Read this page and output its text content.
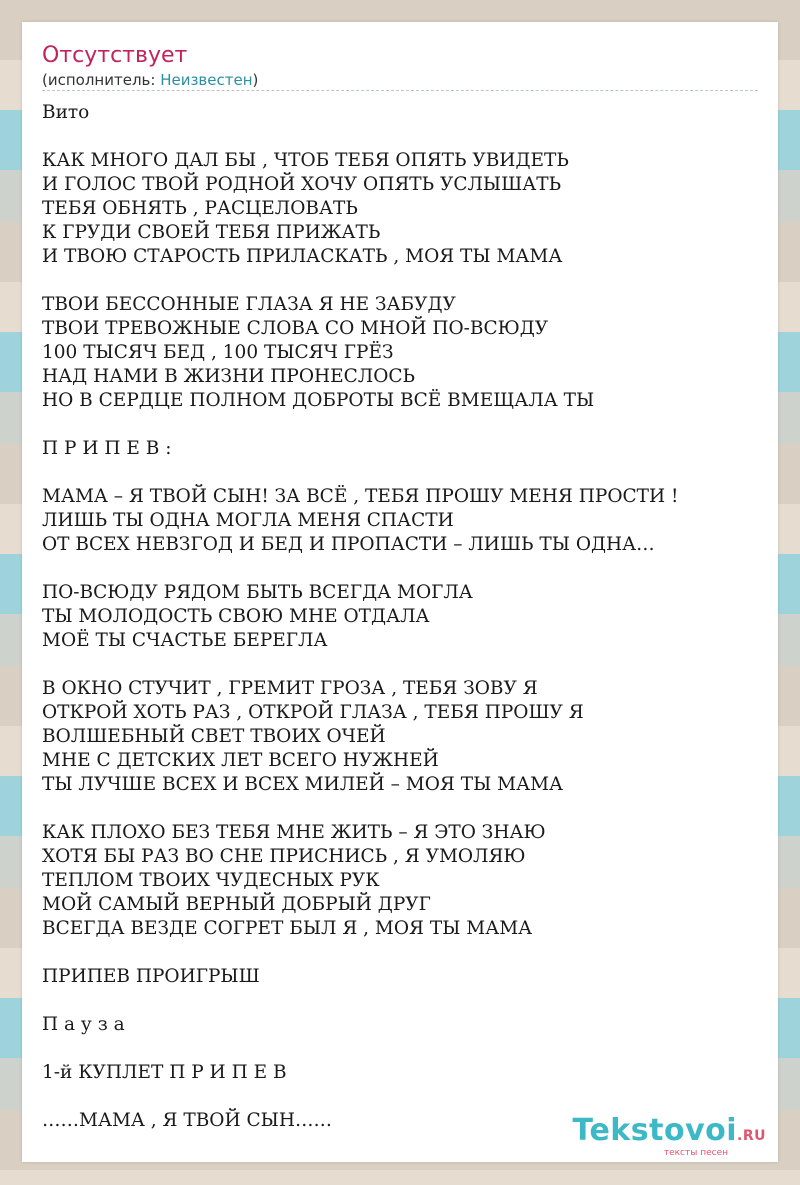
Отсутствует
(исполнитель: Неизвестен)
Вито
КАК МНОГО ДАЛ БЫ , ЧТОБ ТЕБЯ ОПЯТЬ УВИДЕТЬ
И ГОЛОС ТВОЙ РОДНОЙ ХОЧУ ОПЯТЬ УСЛЫШАТЬ
ТЕБЯ ОБНЯТЬ , РАСЦЕЛОВАТЬ
К ГРУДИ СВОЕЙ ТЕБЯ ПРИЖАТЬ
И ТВОЮ СТАРОСТЬ ПРИЛАСКАТЬ , МОЯ ТЫ МАМА
ТВОИ БЕССОННЫЕ ГЛАЗА Я НЕ ЗАБУДУ
ТВОИ ТРЕВОЖНЫЕ СЛОВА СО МНОЙ ПО-ВСЮДУ
100 ТЫСЯЧ БЕД , 100 ТЫСЯЧ ГРЁЗ
НАД НАМИ В ЖИЗНИ ПРОНЕСЛОСЬ
НО В СЕРДЦЕ ПОЛНОМ ДОБРОТЫ ВСЁ ВМЕЩАЛА ТЫ
П Р И П Е В :
МАМА – Я ТВОЙ СЫН! ЗА ВСЁ , ТЕБЯ ПРОШУ МЕНЯ ПРОСТИ !
ЛИШЬ ТЫ ОДНА МОГЛА МЕНЯ СПАСТИ
ОТ ВСЕХ НЕВЗГОД И БЕД И ПРОПАСТИ – ЛИШЬ ТЫ ОДНА…
ПО-ВСЮДУ РЯДОМ БЫТЬ ВСЕГДА МОГЛА
ТЫ МОЛОДОСТЬ СВОЮ МНЕ ОТДАЛА
МОЁ ТЫ СЧАСТЬЕ БЕРЕГЛА
В ОКНО СТУЧИТ , ГРЕМИТ ГРОЗА , ТЕБЯ ЗОВУ Я
ОТКРОЙ ХОТЬ РАЗ , ОТКРОЙ ГЛАЗА , ТЕБЯ ПРОШУ Я
ВОЛШЕБНЫЙ СВЕТ ТВОИХ ОЧЕЙ
МНЕ С ДЕТСКИХ ЛЕТ ВСЕГО НУЖНЕЙ
ТЫ ЛУЧШЕ ВСЕХ И ВСЕХ МИЛЕЙ – МОЯ ТЫ МАМА
КАК ПЛОХО БЕЗ ТЕБЯ МНЕ ЖИТЬ – Я ЭТО ЗНАЮ
ХОТЯ БЫ РАЗ ВО СНЕ ПРИСНИСЬ , Я УМОЛЯЮ
ТЕПЛОМ ТВОИХ ЧУДЕСНЫХ РУК
МОЙ САМЫЙ ВЕРНЫЙ ДОБРЫЙ ДРУГ
ВСЕГДА ВЕЗДЕ СОГРЕТ БЫЛ Я , МОЯ ТЫ МАМА
ПРИПЕВ ПРОИГРЫШ
П а у з а
1-й КУПЛЕТ П Р И П Е В
……МАМА , Я ТВОЙ СЫН……	Tekstovoi.RU
тексты песен
